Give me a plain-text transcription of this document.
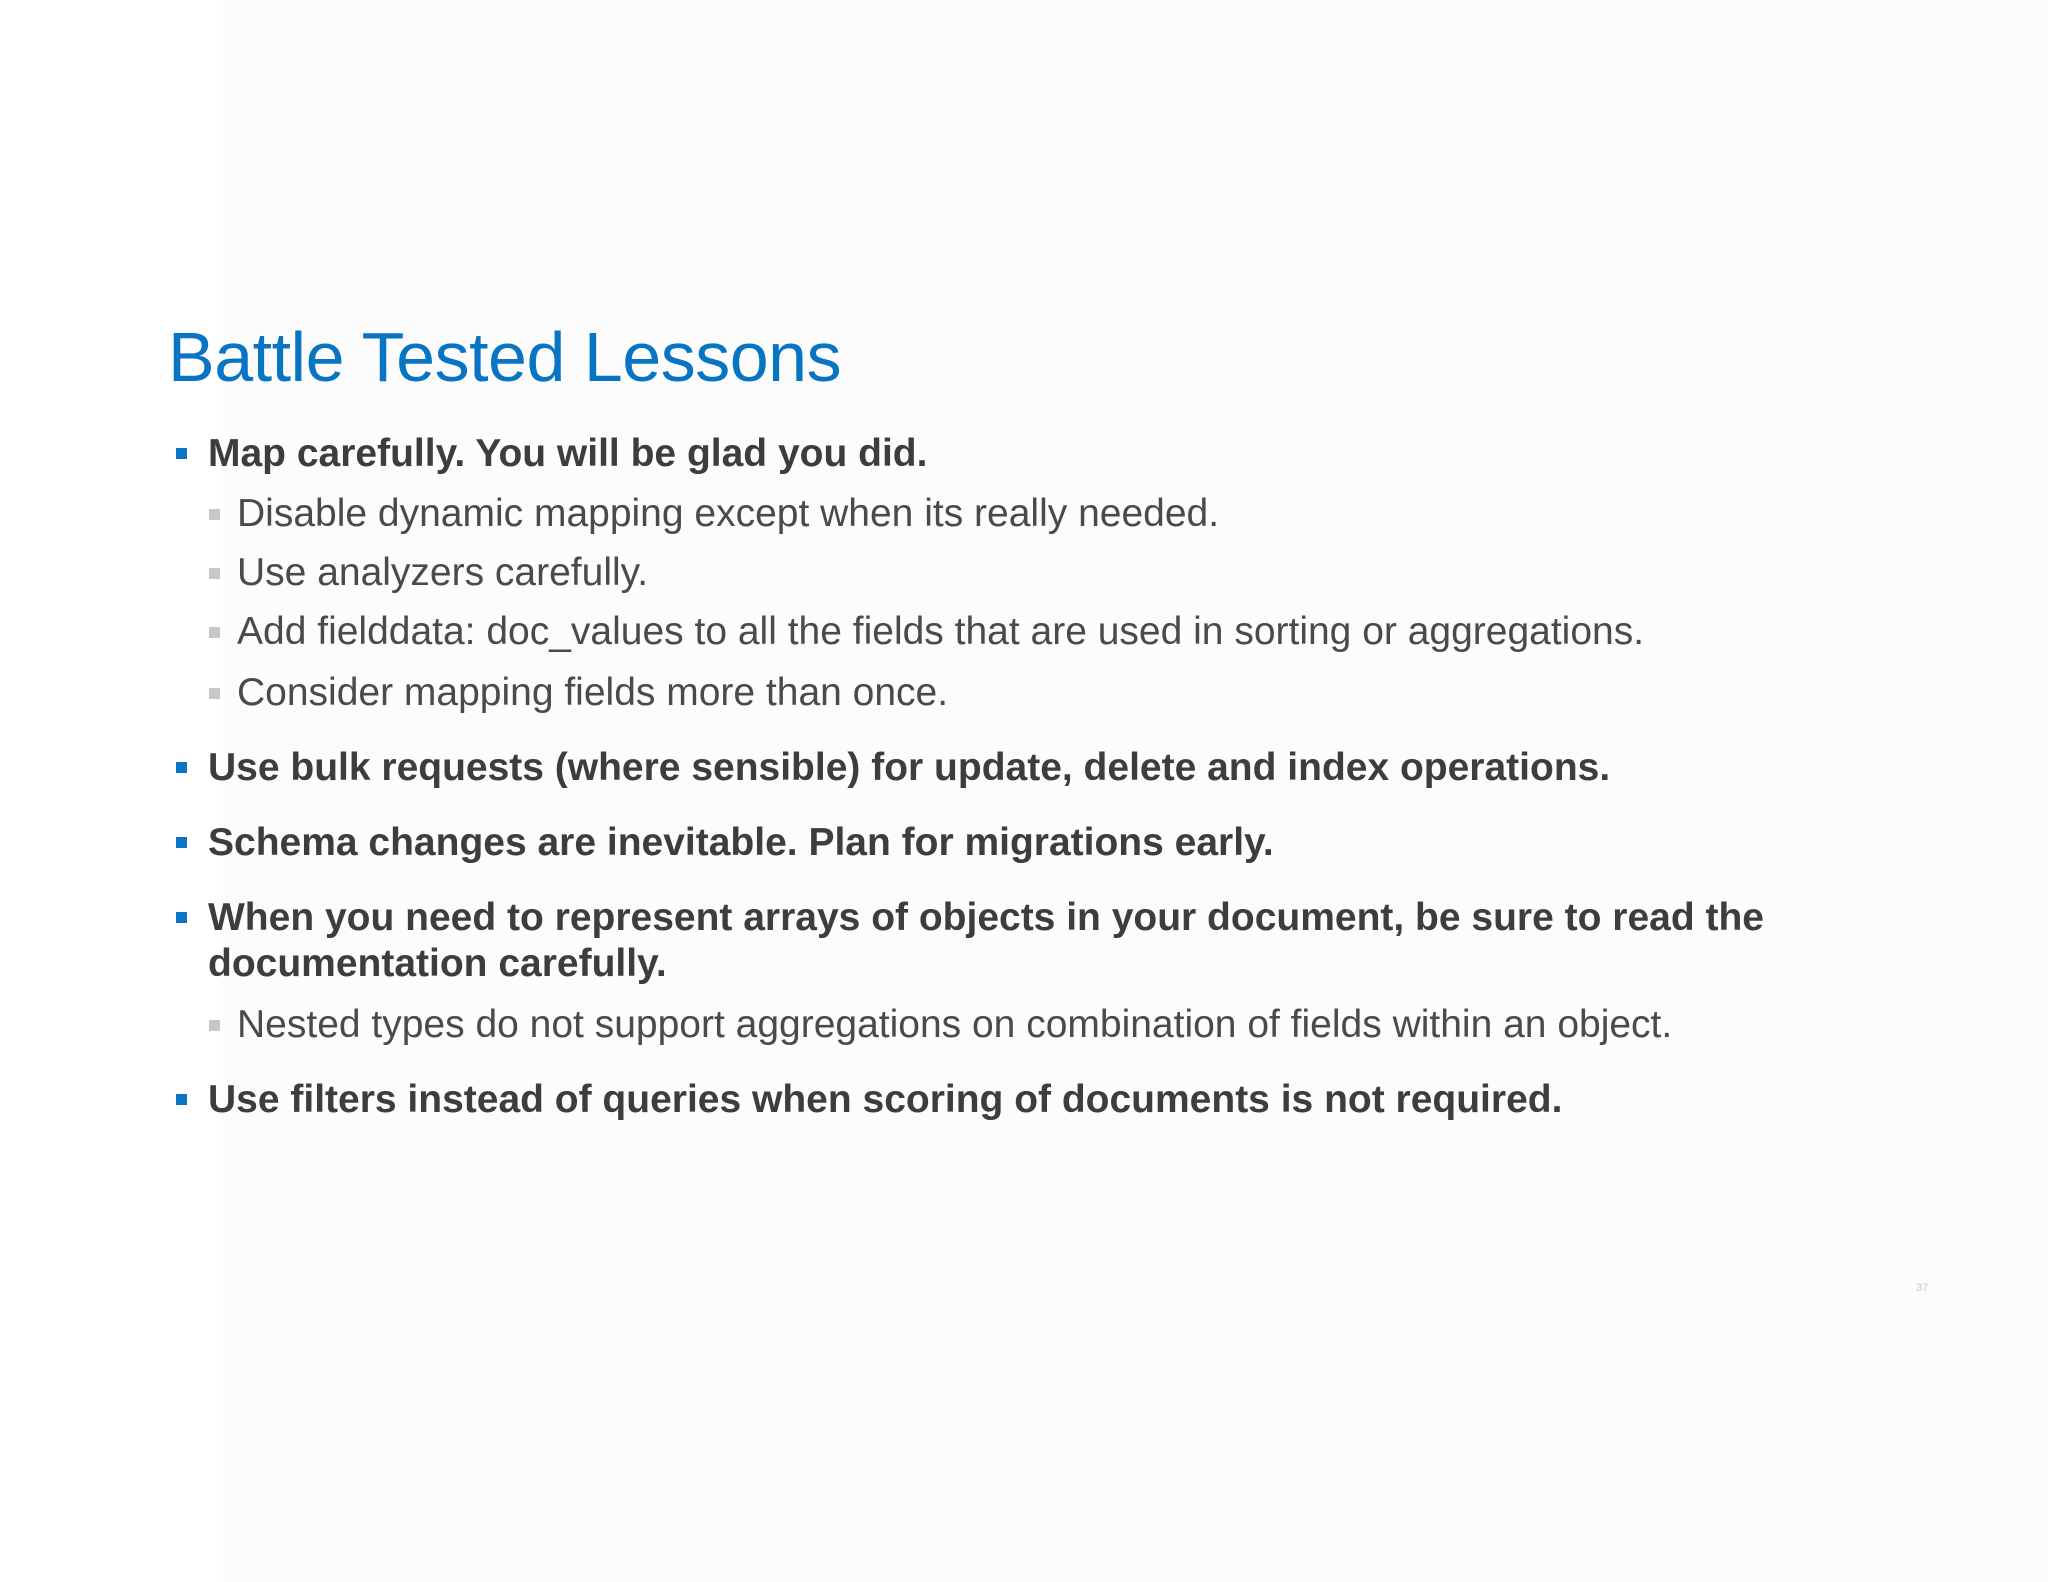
Battle Tested Lessons
Map carefully. You will be glad you did.
Disable dynamic mapping except when its really needed.
Use analyzers carefully.
Add fielddata: doc_values to all the fields that are used in sorting or aggregations.
Consider mapping fields more than once.
Use bulk requests (where sensible) for update, delete and index operations.
Schema changes are inevitable. Plan for migrations early.
When you need to represent arrays of objects in your document, be sure to read the
documentation carefully.
Nested types do not support aggregations on combination of fields within an object.
Use filters instead of queries when scoring of documents is not required.
37
